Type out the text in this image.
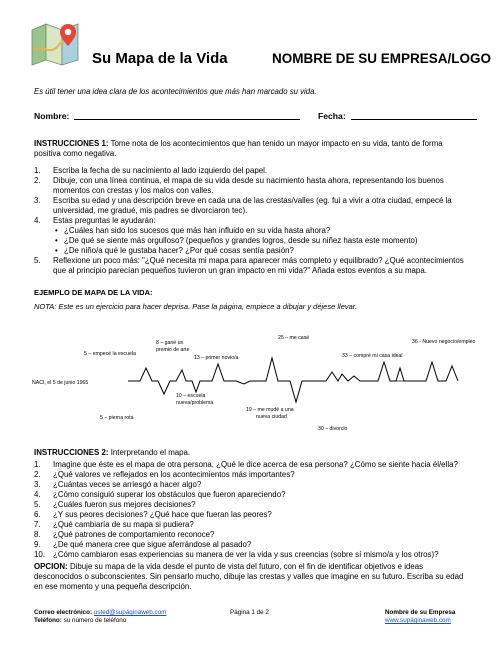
Su Mapa de la Vida	NOMBRE DE SU EMPRESA/LOGO
Es útil tener una idea clara de los acontecimientos que más han marcado su vida.
Nombre:	Fecha:
INSTRUCCIONES 1: Tome nota de los acontecimientos que han tenido un mayor impacto en su vida, tanto de forma positiva como negativa.
1. Escriba la fecha de su nacimiento al lado izquierdo del papel.
2. Dibuje, con una línea continua, el mapa de su vida desde su nacimiento hasta ahora, representando los buenos momentos con crestas y los malos con valles.
3. Escriba su edad y una descripción breve en cada una de las crestas/valles (eg. fui a vivir a otra ciudad, empecé la universidad, me gradué, mis padres se divorciaron tec).
4. Estas preguntas le ayudarán:
• ¿Cuáles han sido los sucesos que más han influido en su vida hasta ahora?
• ¿De qué se siente más orgulloso? (pequeños y grandes logros, desde su niñez hasta este momento)
• ¿De niño/a qué le gustaba hacer? ¿Por qué cosas sentía pasión?
5. Reflexione un poco más: "¿Qué necesita mi mapa para aparecer más completo y equilibrado? ¿Qué acontecimientos que al principio parecían pequeños tuvieron un gran impacto en mi vida?" Añada estos eventos a su mapa.
EJEMPLO DE MAPA DE LA VIDA:
NOTA: Este es un ejercicio para hacer deprisa. Pase la página, empiece a dibujar y déjese llevar.
NACI, el 5 de junio 1965
5 – empecé la escuela
5 – pierna rota
8 – gané un
premio de arte
10 – escuela
nueva/problema
13 – primer novio/a
19 – me mudé a una
nueva ciudad
25 – me casé
30 – divorcio
33 – compré mi casa ideal
36 - Nuevo negocio/empleo
INSTRUCCIONES 2: Interpretando el mapa.
1. Imagine que éste es el mapa de otra persona. ¿Qué le dice acerca de esa persona? ¿Cómo se siente hacia él/ella?
2. ¿Qué valores ve reflejados en los acontecimientos más importantes?
3. ¿Cuántas veces se arriesgó a hacer algo?
4. ¿Cómo consiguió superar los obstáculos que fueron apareciendo?
5. ¿Cuáles fueron sus mejores decisiones?
6. ¿Y sus peores decisiones? ¿Qué hace que fueran las peores?
7. ¿Qué cambiaría de su mapa si pudiera?
8. ¿Qué patrones de comportamiento reconoce?
9. ¿De qué manera cree que sigue aferrándose al pasado?
10. ¿Cómo cambiaron esas experiencias su manera de ver la vida y sus creencias (sobre sí mismo/a y los otros)?
OPCION: Dibuje su mapa de la vida desde el punto de vista del futuro, con el fin de identificar objetivos e ideas desconocidos o subconscientes. Sin pensarlo mucho, dibuje las crestas y valles que imagine en su futuro. Escriba su edad en ese momento y una pequeña descripción.
Correo electrónico: usted@supáginaweb.com
Teléfono: su número de teléfono
Página 1 de 2	Nombre de su Empresa
www.supáginaweb.com
